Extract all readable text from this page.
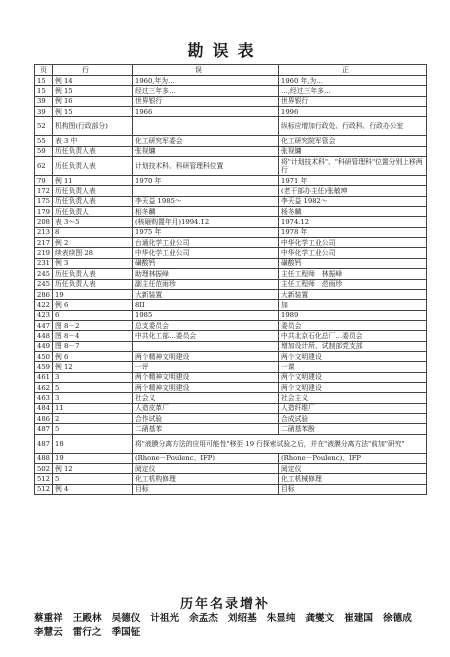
勘误表
页	行	误	正
15	例 14	1960,年为…	1960 年,为…
15	例 15	经过三年多…	…,经过三年多…
39	例 16	世界银行	世界银行
39	例 15	1966	1996
52	机构图(行政部分)		纵标应增加行政处、行政科、行政办公室
55	表 3 中	化工研究军委会	化工研究院军管会
59	历任负责人表	张视镛	张视镛
62	历任负责人表	计划技术科、科研管理科位置	将"计划技术科"、"科研管理科"位置分别上移两行
79	例 11	1970 年	1971 年
172	历任负责人表		(老干部办主任)张敏坤
175	历任负责人表	李天益 1985～	李天益 1982～
179	历任负责人	相冬麟	杨冬麟
208	表 3～5	(核砸购置年月)1994.12	1974.12
213	8	1975 年	1978 年
217	例 2	台通化学工业公司	中华化学工业公司
219	续表续图 28	中华化学工业公司	中华化学工业公司
231	例 3	磺酸钙	磺酸钙
245	历任负责人表	助理林振峰	主任工程师　林振峰
245	历任负责人表	副主任范雨珍	主任工程师　范雨珍
286	19	大新装置	大新装置
422	例 6	8II	加
423	6	1985	1989
447	图 8－2	总支委员会	委员会
448	图 8－4	中共化工部…委员会	中共北京石化总厂…委员会
449	图 8－7		增加设计所、试制部党支部
450	例 6	两个精神文明建设	两个文明建设
459	例 12	一评	一课
461	3	两个精神文明建设	两个文明建设
462	5	两个精神文明建设	两个文明建设
463	3	社会义	社会主义
484	11	人造皮革厂	人造纤维厂
486	2	合作试验	合成试验
487	5	二硝基苯	二硝基苯酚
487	18	将"液膜分离方法的应用可能性"移至 19 行探索试验之后，并在"液膜分离方法"前加"研究"	
488	19	(Rhone－Poulenc、IFP)	(Rhone－Poulenc)、IFP
502	例 12	阅定仪	阅定仪
512	5	化工机构修理	化工机械修理
512	例 4	目标	目标
历年名录增补
蔡重祥 王殿林 吴德仪 计祖光 余孟杰 刘绍基 朱显纯 龚燮文 崔建国 徐德成李慧云 雷行之 季国钲
